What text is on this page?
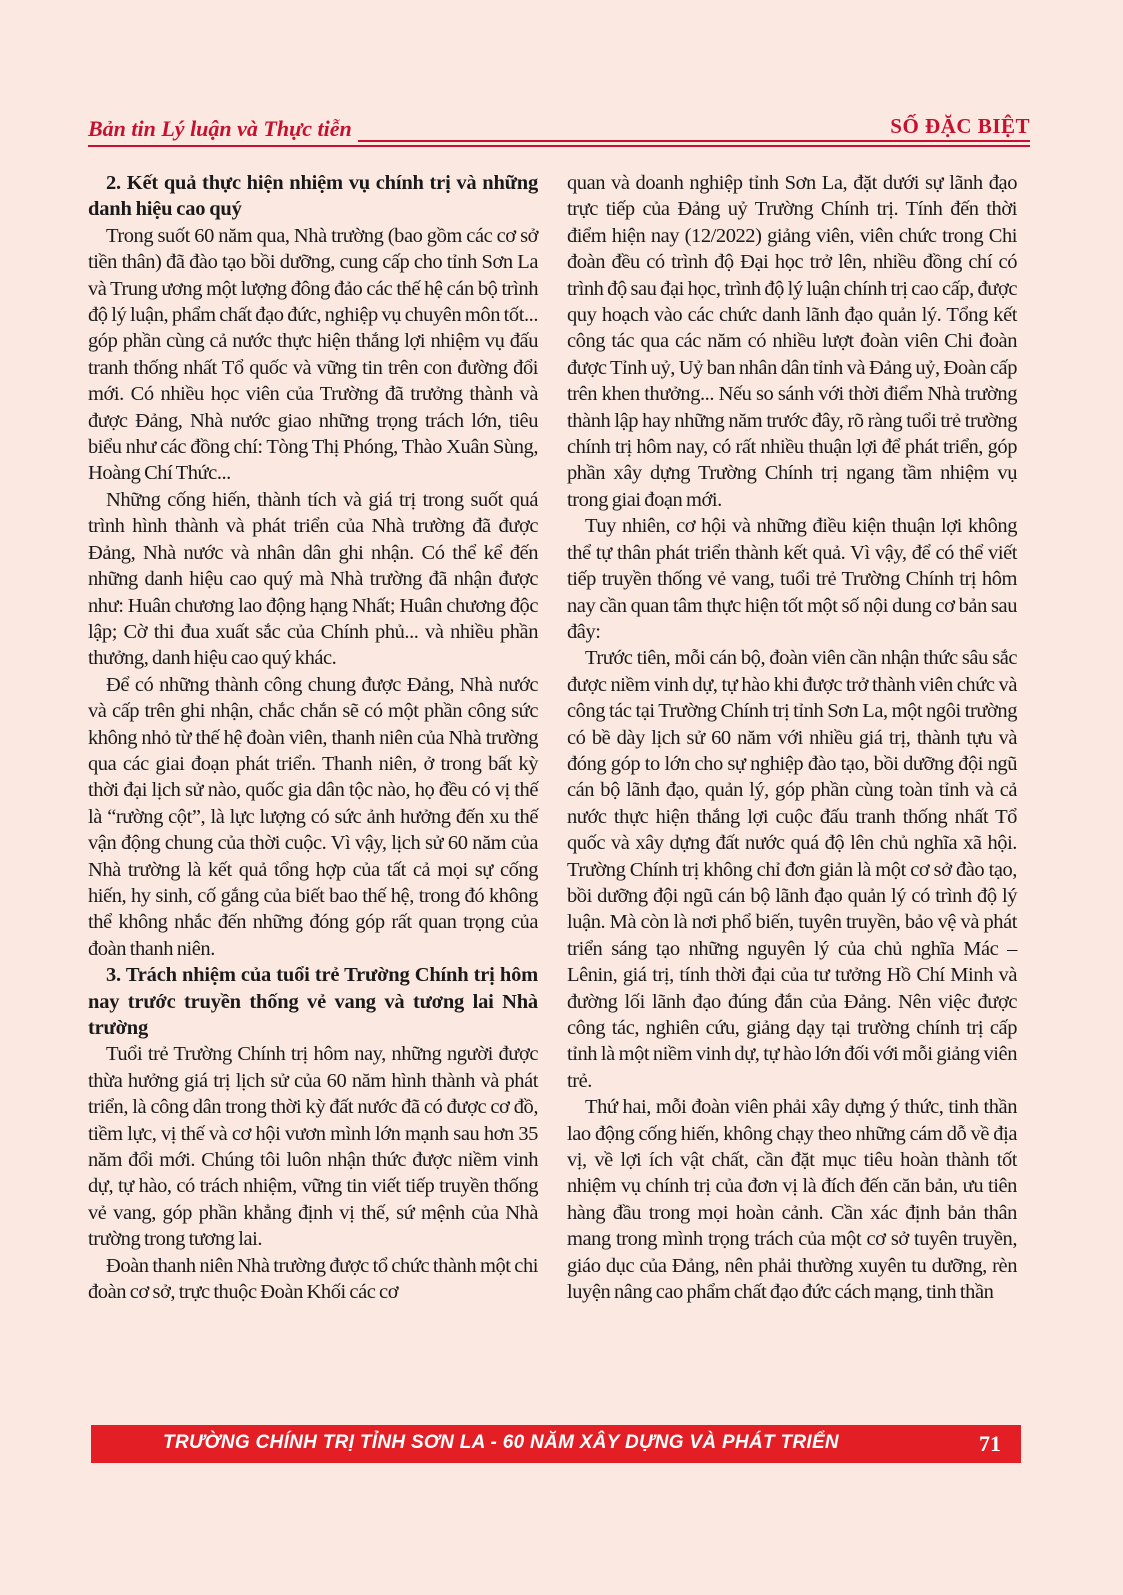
Bản tin Lý luận và Thực tiễn	SỐ ĐẶC BIỆT
2. Kết quả thực hiện nhiệm vụ chính trị và những danh hiệu cao quý

Trong suốt 60 năm qua, Nhà trường (bao gồm các cơ sở tiền thân) đã đào tạo bồi dưỡng, cung cấp cho tỉnh Sơn La và Trung ương một lượng đông đảo các thế hệ cán bộ trình độ lý luận, phẩm chất đạo đức, nghiệp vụ chuyên môn tốt... góp phần cùng cả nước thực hiện thắng lợi nhiệm vụ đấu tranh thống nhất Tổ quốc và vững tin trên con đường đổi mới. Có nhiều học viên của Trường đã trưởng thành và được Đảng, Nhà nước giao những trọng trách lớn, tiêu biểu như các đồng chí: Tòng Thị Phóng, Thào Xuân Sùng, Hoàng Chí Thức...

Những cống hiến, thành tích và giá trị trong suốt quá trình hình thành và phát triển của Nhà trường đã được Đảng, Nhà nước và nhân dân ghi nhận. Có thể kể đến những danh hiệu cao quý mà Nhà trường đã nhận được như: Huân chương lao động hạng Nhất; Huân chương độc lập; Cờ thi đua xuất sắc của Chính phủ... và nhiều phần thưởng, danh hiệu cao quý khác.

Để có những thành công chung được Đảng, Nhà nước và cấp trên ghi nhận, chắc chắn sẽ có một phần công sức không nhỏ từ thế hệ đoàn viên, thanh niên của Nhà trường qua các giai đoạn phát triển. Thanh niên, ở trong bất kỳ thời đại lịch sử nào, quốc gia dân tộc nào, họ đều có vị thế là “rường cột”, là lực lượng có sức ảnh hưởng đến xu thế vận động chung của thời cuộc. Vì vậy, lịch sử 60 năm của Nhà trường là kết quả tổng hợp của tất cả mọi sự cống hiến, hy sinh, cố gắng của biết bao thế hệ, trong đó không thể không nhắc đến những đóng góp rất quan trọng của đoàn thanh niên.

3. Trách nhiệm của tuổi trẻ Trường Chính trị hôm nay trước truyền thống vẻ vang và tương lai Nhà trường

Tuổi trẻ Trường Chính trị hôm nay, những người được thừa hưởng giá trị lịch sử của 60 năm hình thành và phát triển, là công dân trong thời kỳ đất nước đã có được cơ đồ, tiềm lực, vị thế và cơ hội vươn mình lớn mạnh sau hơn 35 năm đổi mới. Chúng tôi luôn nhận thức được niềm vinh dự, tự hào, có trách nhiệm, vững tin viết tiếp truyền thống vẻ vang, góp phần khẳng định vị thế, sứ mệnh của Nhà trường trong tương lai.

Đoàn thanh niên Nhà trường được tổ chức thành một chi đoàn cơ sở, trực thuộc Đoàn Khối các cơ

quan và doanh nghiệp tỉnh Sơn La, đặt dưới sự lãnh đạo trực tiếp của Đảng uỷ Trường Chính trị. Tính đến thời điểm hiện nay (12/2022) giảng viên, viên chức trong Chi đoàn đều có trình độ Đại học trở lên, nhiều đồng chí có trình độ sau đại học, trình độ lý luận chính trị cao cấp, được quy hoạch vào các chức danh lãnh đạo quản lý. Tổng kết công tác qua các năm có nhiều lượt đoàn viên Chi đoàn được Tỉnh uỷ, Uỷ ban nhân dân tỉnh và Đảng uỷ, Đoàn cấp trên khen thưởng... Nếu so sánh với thời điểm Nhà trường thành lập hay những năm trước đây, rõ ràng tuổi trẻ trường chính trị hôm nay, có rất nhiều thuận lợi để phát triển, góp phần xây dựng Trường Chính trị ngang tầm nhiệm vụ trong giai đoạn mới.

Tuy nhiên, cơ hội và những điều kiện thuận lợi không thể tự thân phát triển thành kết quả. Vì vậy, để có thể viết tiếp truyền thống vẻ vang, tuổi trẻ Trường Chính trị hôm nay cần quan tâm thực hiện tốt một số nội dung cơ bản sau đây:

Trước tiên, mỗi cán bộ, đoàn viên cần nhận thức sâu sắc được niềm vinh dự, tự hào khi được trở thành viên chức và công tác tại Trường Chính trị tỉnh Sơn La, một ngôi trường có bề dày lịch sử 60 năm với nhiều giá trị, thành tựu và đóng góp to lớn cho sự nghiệp đào tạo, bồi dưỡng đội ngũ cán bộ lãnh đạo, quản lý, góp phần cùng toàn tỉnh và cả nước thực hiện thắng lợi cuộc đấu tranh thống nhất Tổ quốc và xây dựng đất nước quá độ lên chủ nghĩa xã hội. Trường Chính trị không chỉ đơn giản là một cơ sở đào tạo, bồi dưỡng đội ngũ cán bộ lãnh đạo quản lý có trình độ lý luận. Mà còn là nơi phổ biến, tuyên truyền, bảo vệ và phát triển sáng tạo những nguyên lý của chủ nghĩa Mác – Lênin, giá trị, tính thời đại của tư tưởng Hồ Chí Minh và đường lối lãnh đạo đúng đắn của Đảng. Nên việc được công tác, nghiên cứu, giảng dạy tại trường chính trị cấp tỉnh là một niềm vinh dự, tự hào lớn đối với mỗi giảng viên trẻ.

Thứ hai, mỗi đoàn viên phải xây dựng ý thức, tinh thần lao động cống hiến, không chạy theo những cám dỗ về địa vị, về lợi ích vật chất, cần đặt mục tiêu hoàn thành tốt nhiệm vụ chính trị của đơn vị là đích đến căn bản, ưu tiên hàng đầu trong mọi hoàn cảnh. Cần xác định bản thân mang trong mình trọng trách của một cơ sở tuyên truyền, giáo dục của Đảng, nên phải thường xuyên tu dưỡng, rèn luyện nâng cao phẩm chất đạo đức cách mạng, tinh thần

TRƯỜNG CHÍNH TRỊ TỈNH SƠN LA - 60 NĂM XÂY DỰNG VÀ PHÁT TRIỂN	71
